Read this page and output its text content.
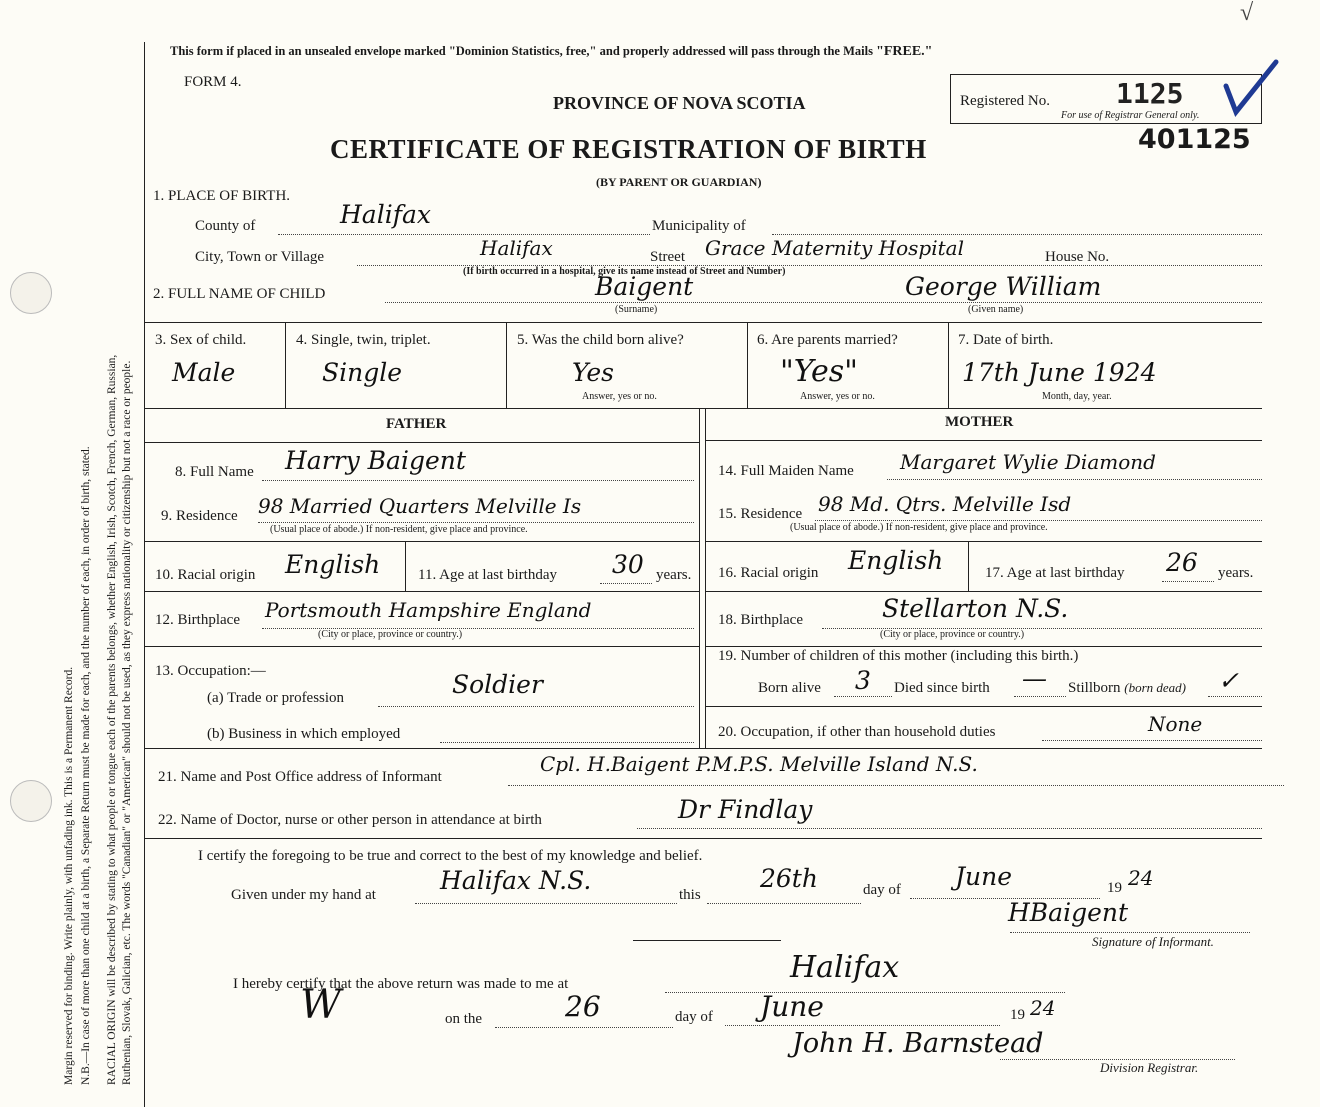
Margin reserved for binding. Write plainly, with unfading ink. This is a Permanent Record. N.B.—In case of more than one child at a birth, a Separate Return must be made for each, and the number of each, in order of birth, stated. RACIAL ORIGIN will be described by stating to what people or tongue each of the parents belongs, whether English, Irish, Scotch, French, German, Russian, Ruthenian, Slovak, Galician, etc. The words "Canadian" or "American" should not be used, as they express nationality or citizenship but not a race or people.
This form if placed in an unsealed envelope marked "Dominion Statistics, free," and properly addressed will pass through the Mails "FREE."
FORM 4.
PROVINCE OF NOVA SCOTIA
CERTIFICATE OF REGISTRATION OF BIRTH
(BY PARENT OR GUARDIAN)
Registered No. 1125
For use of Registrar General only.
401125
√
1. PLACE OF BIRTH.
County of	Halifax	Municipality of
City, Town or Village	Halifax	Street Grace Maternity Hospital	House No.
(If birth occurred in a hospital, give its name instead of Street and Number)
2. FULL NAME OF CHILD	Baigent	George William
(Surname)	(Given name)
3. Sex of child.
Male
4. Single, twin, triplet.
Single
5. Was the child born alive?
Yes
Answer, yes or no.
6. Are parents married?
"Yes"
Answer, yes or no.
7. Date of birth.
17th June 1924
Month, day, year.
FATHER	MOTHER
8. Full Name Harry Baigent
9. Residence 98 Married Quarters Melville Is
(Usual place of abode.) If non-resident, give place and province.
10. Racial origin English	11. Age at last birthday 30 years.
12. Birthplace Portsmouth Hampshire England
(City or place, province or country.)
13. Occupation:—
(a) Trade or profession	Soldier
(b) Business in which employed
14. Full Maiden Name Margaret Wylie Diamond
15. Residence 98 Md. Qtrs. Melville Isd
(Usual place of abode.) If non-resident, give place and province.
16. Racial origin English	17. Age at last birthday 26 years.
18. Birthplace	Stellarton N.S.
(City or place, province or country.)
19. Number of children of this mother (including this birth.)
Born alive 3 Died since birth — Stillborn (born dead) ✓
20. Occupation, if other than household duties	None
21. Name and Post Office address of Informant
Cpl. H.Baigent P.M.P.S. Melville Island N.S.
22. Name of Doctor, nurse or other person in attendance at birth	Dr Findlay
I certify the foregoing to be true and correct to the best of my knowledge and belief.
Given under my hand at	Halifax N.S.	this
26th	day of June	19 24
HBaigent
Signature of Informant.
I hereby certify that the above return was made to me at	Halifax
W	on the	26	day of June	19 24
John H. Barnstead
Division Registrar.
